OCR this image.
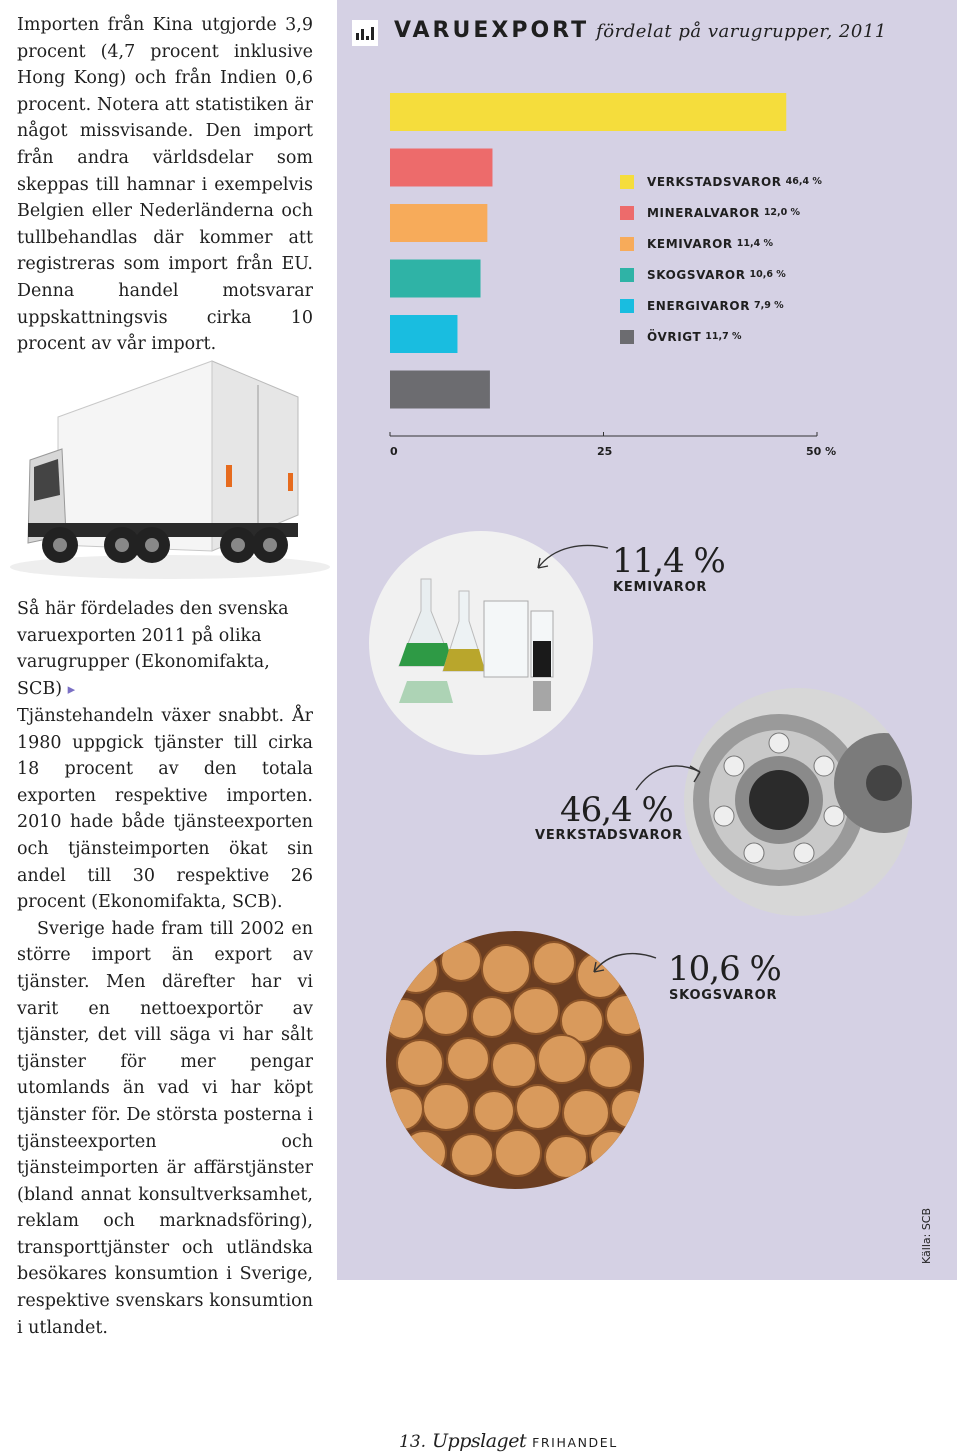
Importen från Kina utgjorde 3,9 procent (4,7 procent inklusive Hong Kong) och från Indien 0,6 procent. Notera att statistiken är något missvisande. Den import från andra världsdelar som skeppas till hamnar i exempelvis Belgien eller Nederländerna och tullbehandlas där kommer att registreras som import från EU. Denna handel motsvarar uppskattningsvis cirka 10 procent av vår import.

Så här fördelades den svenska varuexporten 2011 på olika varugrupper (Ekonomifakta, SCB) ▸

Tjänstehandeln växer snabbt. År 1980 uppgick tjänster till cirka 18 procent av den totala exporten respektive importen. 2010 hade både tjänsteexporten och tjänsteimporten ökat sin andel till 30 respektive 26 procent (Ekonomifakta, SCB).

Sverige hade fram till 2002 en större import än export av tjänster. Men därefter har vi varit en nettoexportör av tjänster, det vill säga vi har sålt tjänster för mer pengar utomlands än vad vi har köpt tjänster för. De största posterna i tjänsteexporten och tjänsteimporten är affärstjänster (bland annat konsultverksamhet, reklam och marknadsföring), transporttjänster och utländska besökares konsumtion i Sverige, respektive svenskars konsumtion i utlandet.

VARUEXPORT fördelat på varugrupper, 2011
VERKSTADSVAROR 46,4 %
MINERALVAROR 12,0 %
KEMIVAROR 11,4 %
SKOGSVAROR 10,6 %
ENERGIVAROR 7,9 %
ÖVRIGT 11,7 %
0	25	50 %
11,4 %
KEMIVAROR
46,4 %
VERKSTADSVAROR
10,6 %
SKOGSVAROR
Källa: SCB
13. Uppslaget FRIHANDEL
